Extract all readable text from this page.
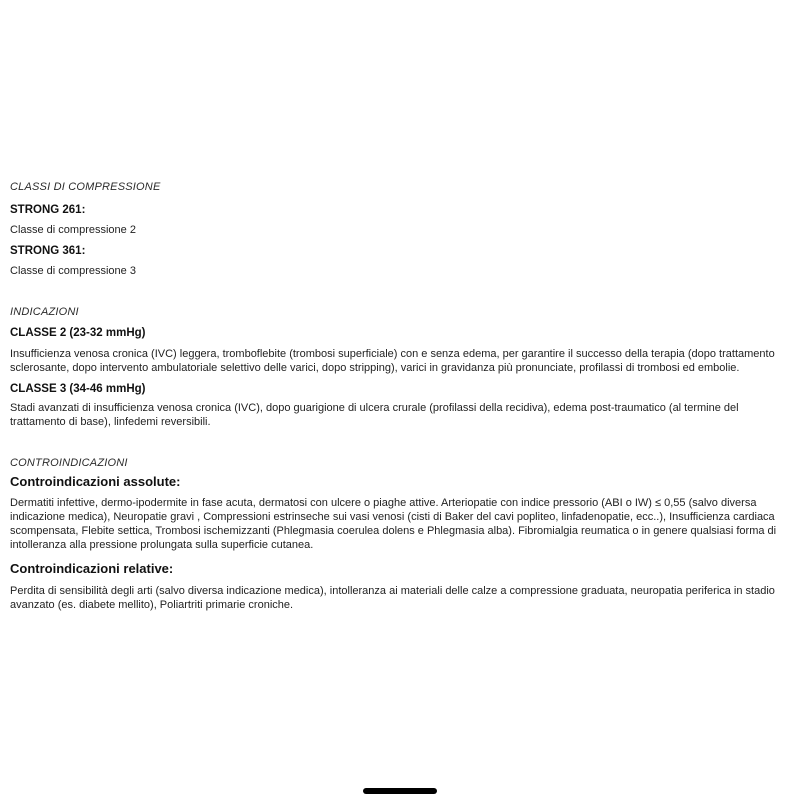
CLASSI DI COMPRESSIONE
STRONG 261:
Classe di compressione 2
STRONG 361:
Classe di compressione 3
INDICAZIONI
CLASSE 2 (23-32 mmHg)
Insufficienza venosa cronica (IVC) leggera, tromboflebite (trombosi superficiale) con e senza edema, per garantire il successo della terapia (dopo trattamento sclerosante, dopo intervento ambulatoriale selettivo delle varici, dopo stripping), varici in gravidanza più pronunciate, profilassi di trombosi ed embolie.
CLASSE 3 (34-46 mmHg)
Stadi avanzati di insufficienza venosa cronica (IVC), dopo guarigione di ulcera crurale (profilassi della recidiva), edema post-traumatico (al termine del trattamento di base), linfedemi reversibili.
CONTROINDICAZIONI
Controindicazioni assolute:
Dermatiti infettive, dermo-ipodermite in fase acuta, dermatosi con ulcere o piaghe attive. Arteriopatie con indice pressorio (ABI o IW) ≤ 0,55 (salvo diversa indicazione medica), Neuropatie gravi , Compressioni estrinseche sui vasi venosi (cisti di Baker del cavi popliteo, linfadenopatie, ecc..), Insufficienza cardiaca scompensata, Flebite settica, Trombosi ischemizzanti (Phlegmasia coerulea dolens e Phlegmasia alba). Fibromialgia reumatica o in genere qualsiasi forma di intolleranza alla pressione prolungata sulla superficie cutanea.
Controindicazioni relative:
Perdita di sensibilità degli arti (salvo diversa indicazione medica), intolleranza ai materiali delle calze a compressione graduata, neuropatia periferica in stadio avanzato (es. diabete mellito), Poliartriti primarie croniche.
